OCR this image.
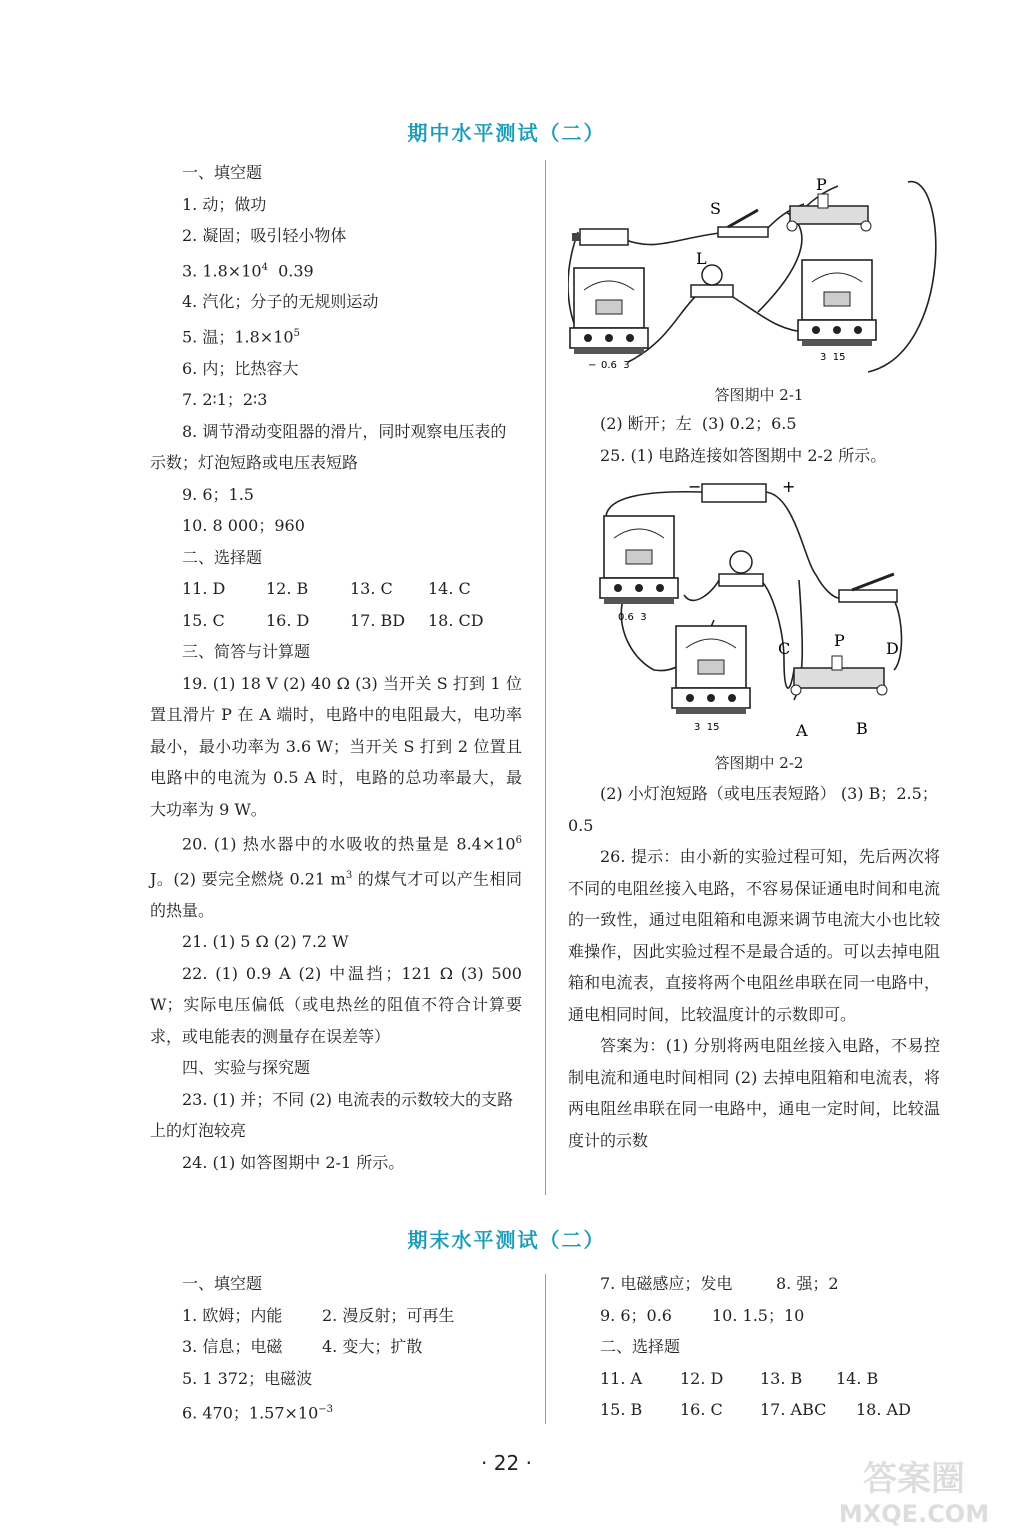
期中水平测试（二）

一、填空题

1. 动；做功

2. 凝固；吸引轻小物体

3. $1.8\times 10^4$  0.39

4. 汽化；分子的无规则运动

5. 温；$1.8\times 10^5$

6. 内；比热容大

7. 2∶1；2∶3

8. 调节滑动变阻器的滑片，同时观察电压表的示数；灯泡短路或电压表短路

9. 6；1.5

10. 8 000；960

二、选择题

11. D	12. B	13. C	14. C

15. C	16. D	17. BD	18. CD

三、简答与计算题

19. (1) 18 V (2) 40 Ω (3) 当开关 S 打到 1 位置且滑片 P 在 A 端时，电路中的电阻最大，电功率最小，最小功率为 3.6 W；当开关 S 打到 2 位置且电路中的电流为 0.5 A 时，电路的总功率最大，最大功率为 9 W。

20. (1) 热水器中的水吸收的热量是 $8.4\times 10^6$ J。(2) 要完全燃烧 0.21 $m^3$ 的煤气才可以产生相同的热量。

21. (1) 5 Ω (2) 7.2 W

22. (1) 0.9 A (2) 中温挡；121 Ω (3) 500 W；实际电压偏低（或电热丝的阻值不符合计算要求，或电能表的测量存在误差等）

四、实验与探究题

23. (1) 并；不同 (2) 电流表的示数较大的支路上的灯泡较亮

24. (1) 如答图期中 2-1 所示。

S
P
L
− 0.6  3
3  15
答图期中 2-1

(2) 断开；左  (3) 0.2；6.5

25. (1) 电路连接如答图期中 2-2 所示。

−	+
0.6  3
3  15
C	P	D
A	B
答图期中 2-2

(2) 小灯泡短路（或电压表短路） (3) B；2.5；0.5

26. 提示：由小新的实验过程可知，先后两次将不同的电阻丝接入电路，不容易保证通电时间和电流的一致性，通过电阻箱和电源来调节电流大小也比较难操作，因此实验过程不是最合适的。可以去掉电阻箱和电流表，直接将两个电阻丝串联在同一电路中，通电相同时间，比较温度计的示数即可。

答案为：(1) 分别将两电阻丝接入电路，不易控制电流和通电时间相同 (2) 去掉电阻箱和电流表，将两电阻丝串联在同一电路中，通电一定时间，比较温度计的示数

期末水平测试（二）

一、填空题

1. 欧姆；内能 2. 漫反射；可再生

3. 信息；电磁 4. 变大；扩散

5. 1 372；电磁波

6. 470；$1.57\times 10^{-3}$

7. 电磁感应；发电	8. 强；2

9. 6；0.6	10. 1.5；10

二、选择题

11. A	12. D	13. B	14. B

15. B	16. C	17. ABC	18. AD

· 22 ·	答案圈
MXQE.COM
